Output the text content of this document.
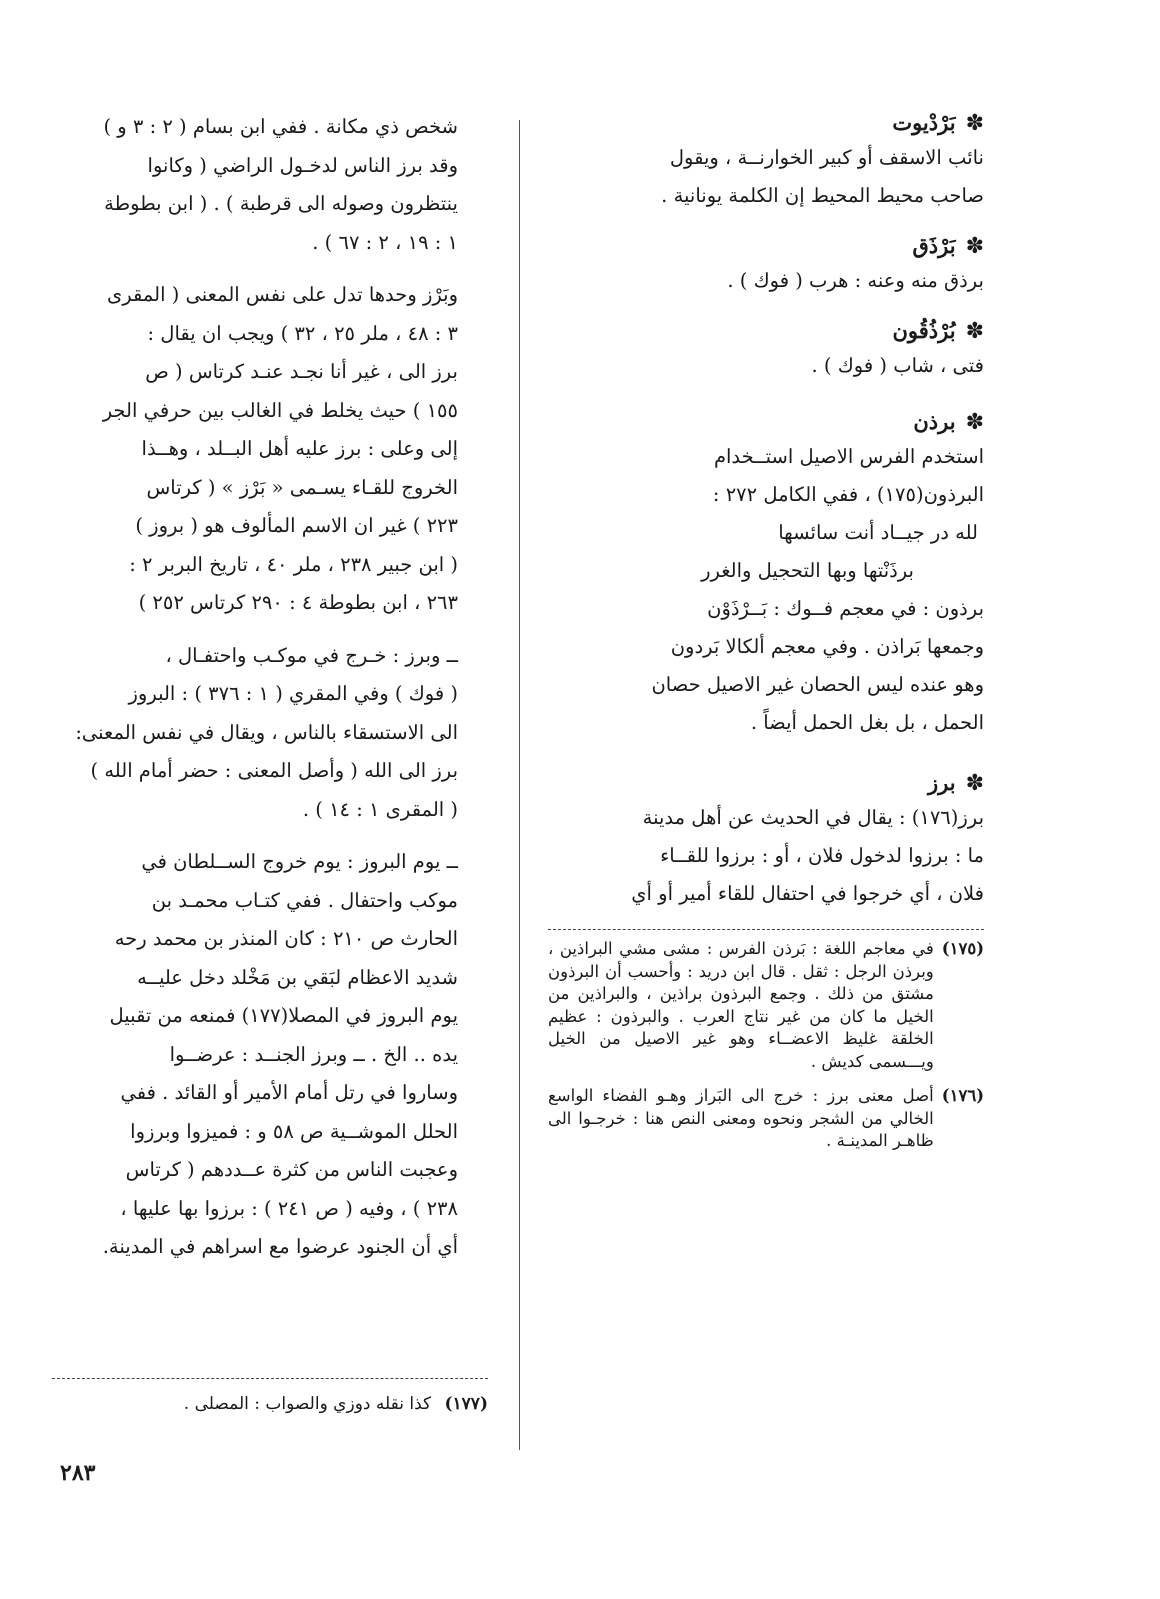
✽بَرْدْيوت
نائب الاسقف أو كبير الخوارنــة ، ويقول
صاحب محيط المحيط إن الكلمة يونانية .
✽بَرْذَق
برذق منه وعنه : هرب ( فوك ) .
✽بُرْذُقُون
فتى ، شاب ( فوك ) .
✽برذن
استخدم الفرس الاصيل استــخدام
البرذون(١٧٥) ، ففي الكامل ٢٧٢ :
لله در جيــاد أنت سائسها
برذَنْتها وبها التحجيل والغرر
برذون : في معجم فــوك : بَــرْذَوْن
وجمعها بَراذن . وفي معجم ألكالا بَردون
وهو عنده ليس الحصان غير الاصيل حصان
الحمل ، بل بغل الحمل أيضاً .
✽برز
برز(١٧٦) : يقال في الحديث عن أهل مدينة
ما : برزوا لدخول فلان ، أو : برزوا للقــاء
فلان ، أي خرجوا في احتفال للقاء أمير أو أي
(١٧٥)
في معاجم اللغة : بَرذن الفرس : مشى مشي البراذين ، وبرذن الرجل : ثقل . قال ابن دريد : وأحسب أن البرذون مشتق من ذلك . وجمع البرذون براذين ، والبراذين من الخيل ما كان من غير نتاج العرب . والبرذون : عظيم الخلقة غليظ الاعضــاء وهو غير الاصيل من الخيل ويـــسمى كديش .
(١٧٦)
أصل معنى برز : خرج الى البَراز وهـو الفضاء الواسع الخالي من الشجر ونحوه ومعنى النص هنا : خرجـوا الى ظاهـر المدينـة .
شخص ذي مكانة . ففي ابن بسام ( ٢ : ٣ و )
وقد برز الناس لدخـول الراضي ( وكانوا
ينتظرون وصوله الى قرطبة ) . ( ابن بطوطة
١ : ١٩ ، ٢ : ٦٧ ) .
وبَرْز وحدها تدل على نفس المعنى ( المقرى
٣ : ٤٨ ، ملر ٢٥ ، ٣٢ ) ويجب ان يقال :
برز الى ، غير أنا نجـد عنـد كرتاس ( ص
١٥٥ ) حيث يخلط في الغالب بين حرفي الجر
إلى وعلى : برز عليه أهل البــلد ، وهــذا
الخروج للقـاء يسـمى « بَرْز » ( كرتاس
٢٢٣ ) غير ان الاسم المألوف هو ( بروز )
( ابن جبير ٢٣٨ ، ملر ٤٠ ، تاريخ البربر ٢ :
٢٦٣ ، ابن بطوطة ٤ : ٢٩٠ كرتاس ٢٥٢ )
ــ وبرز : خـرج في موكـب واحتفـال ،
( فوك ) وفي المقري ( ١ : ٣٧٦ ) : البروز
الى الاستسقاء بالناس ، ويقال في نفس المعنى:
برز الى الله ( وأصل المعنى : حضر أمام الله )
( المقرى ١ : ١٤ ) .
ــ يوم البروز : يوم خروج الســلطان في
موكب واحتفال . ففي كتـاب محمـد بن
الحارث ص ٢١٠ : كان المنذر بن محمد رحه
شديد الاعظام لبَقي بن مَخْلد دخل عليــه
يوم البروز في المصلا(١٧٧) فمنعه من تقبيل
يده .. الخ . ــ وبرز الجنــد : عرضــوا
وساروا في رتل أمام الأمير أو القائد . ففي
الحلل الموشــية ص ٥٨ و : فميزوا وبرزوا
وعجبت الناس من كثرة عــددهم ( كرتاس
٢٣٨ ) ، وفيه ( ص ٢٤١ ) : برزوا بها عليها ،
أي أن الجنود عرضوا مع اسراهم في المدينة.
(١٧٧) كذا نقله دوزي والصواب : المصلى .
٢٨٣
